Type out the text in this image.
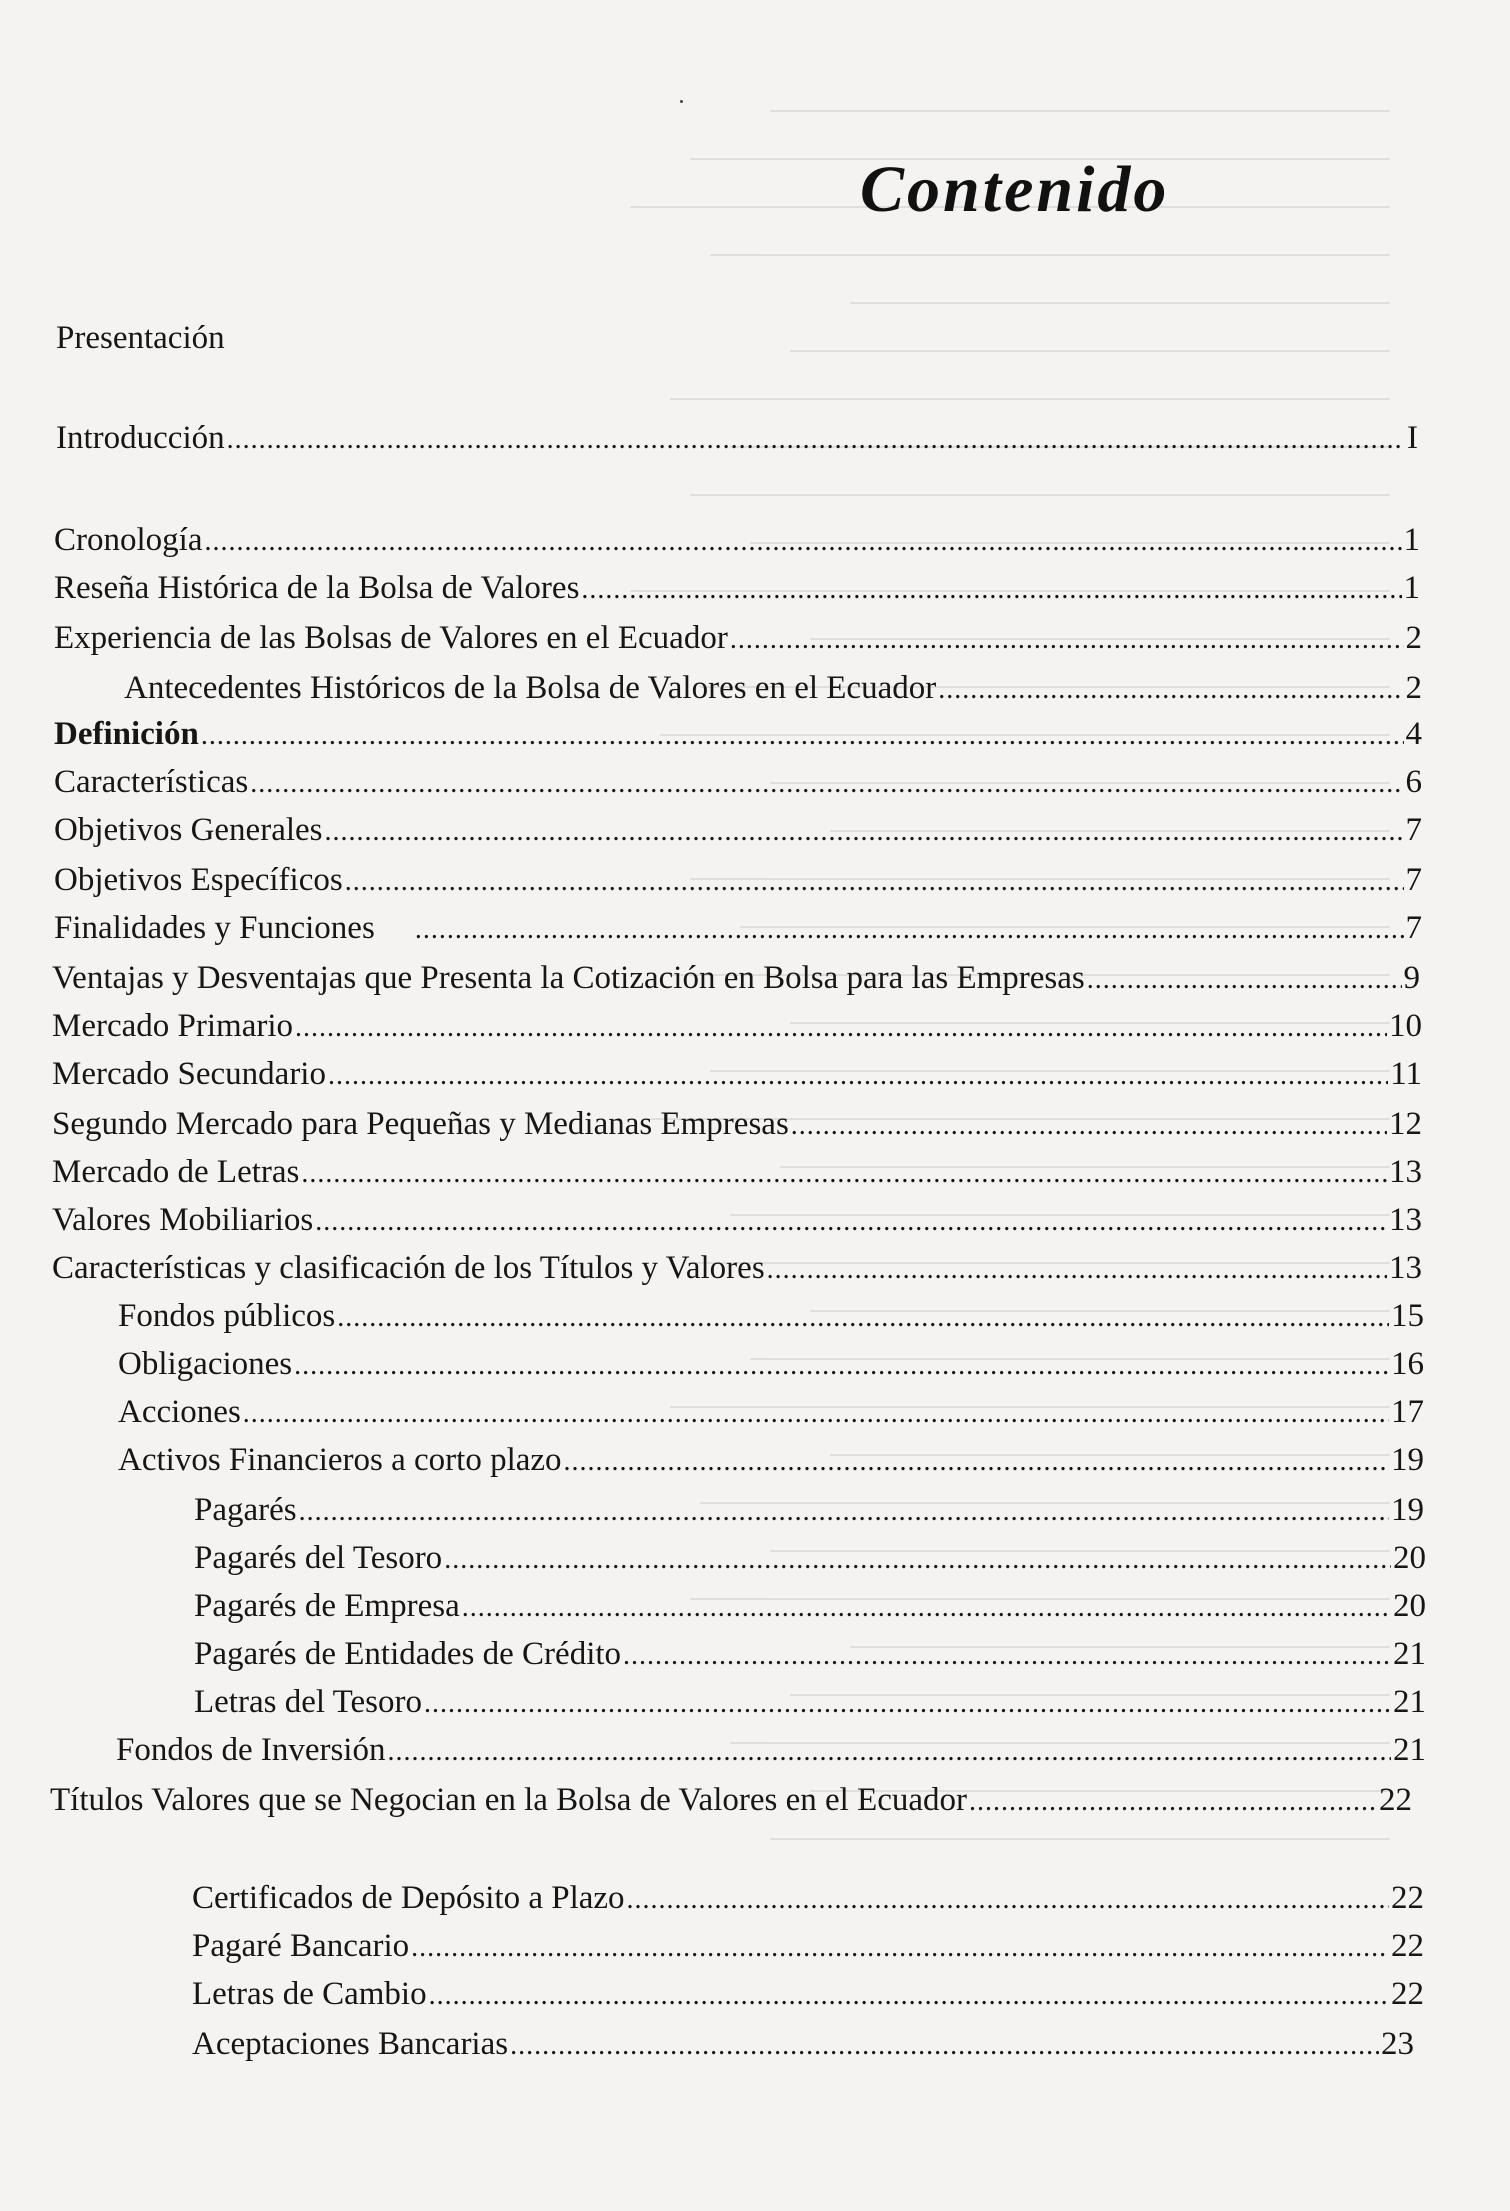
Contenido
Presentación
Introducción . . .	I
Cronología . . .	1
Reseña Histórica de la Bolsa de Valores . . .	1
Experiencia de las Bolsas de Valores en el Ecuador . . .	2
Antecedentes Históricos de la Bolsa de Valores en el Ecuador . . .	2
Definición . . .	4
Características . . .	6
Objetivos Generales . . .	7
Objetivos Específicos . . .	7
Finalidades y Funciones . . .	7
Ventajas y Desventajas que Presenta la Cotización en Bolsa para las Empresas . . .	9
Mercado Primario . . .	10
Mercado Secundario . . .	11
Segundo Mercado para Pequeñas y Medianas Empresas . . .	12
Mercado de Letras . . .	13
Valores Mobiliarios . . .	13
Características y clasificación de los Títulos y Valores . . .	13
Fondos públicos . . .	15
Obligaciones . . .	16
Acciones . . .	17
Activos Financieros a corto plazo . . .	19
Pagarés . . .	19
Pagarés del Tesoro . . .	20
Pagarés de Empresa . . .	20
Pagarés de Entidades de Crédito . . .	21
Letras del Tesoro . . .	21
Fondos de Inversión . . .	21
Títulos Valores que se Negocian en la Bolsa de Valores en el Ecuador . . .	22
Certificados de Depósito a Plazo . . .	22
Pagaré Bancario . . .	22
Letras de Cambio . . .	22
Aceptaciones Bancarias . . .	23
